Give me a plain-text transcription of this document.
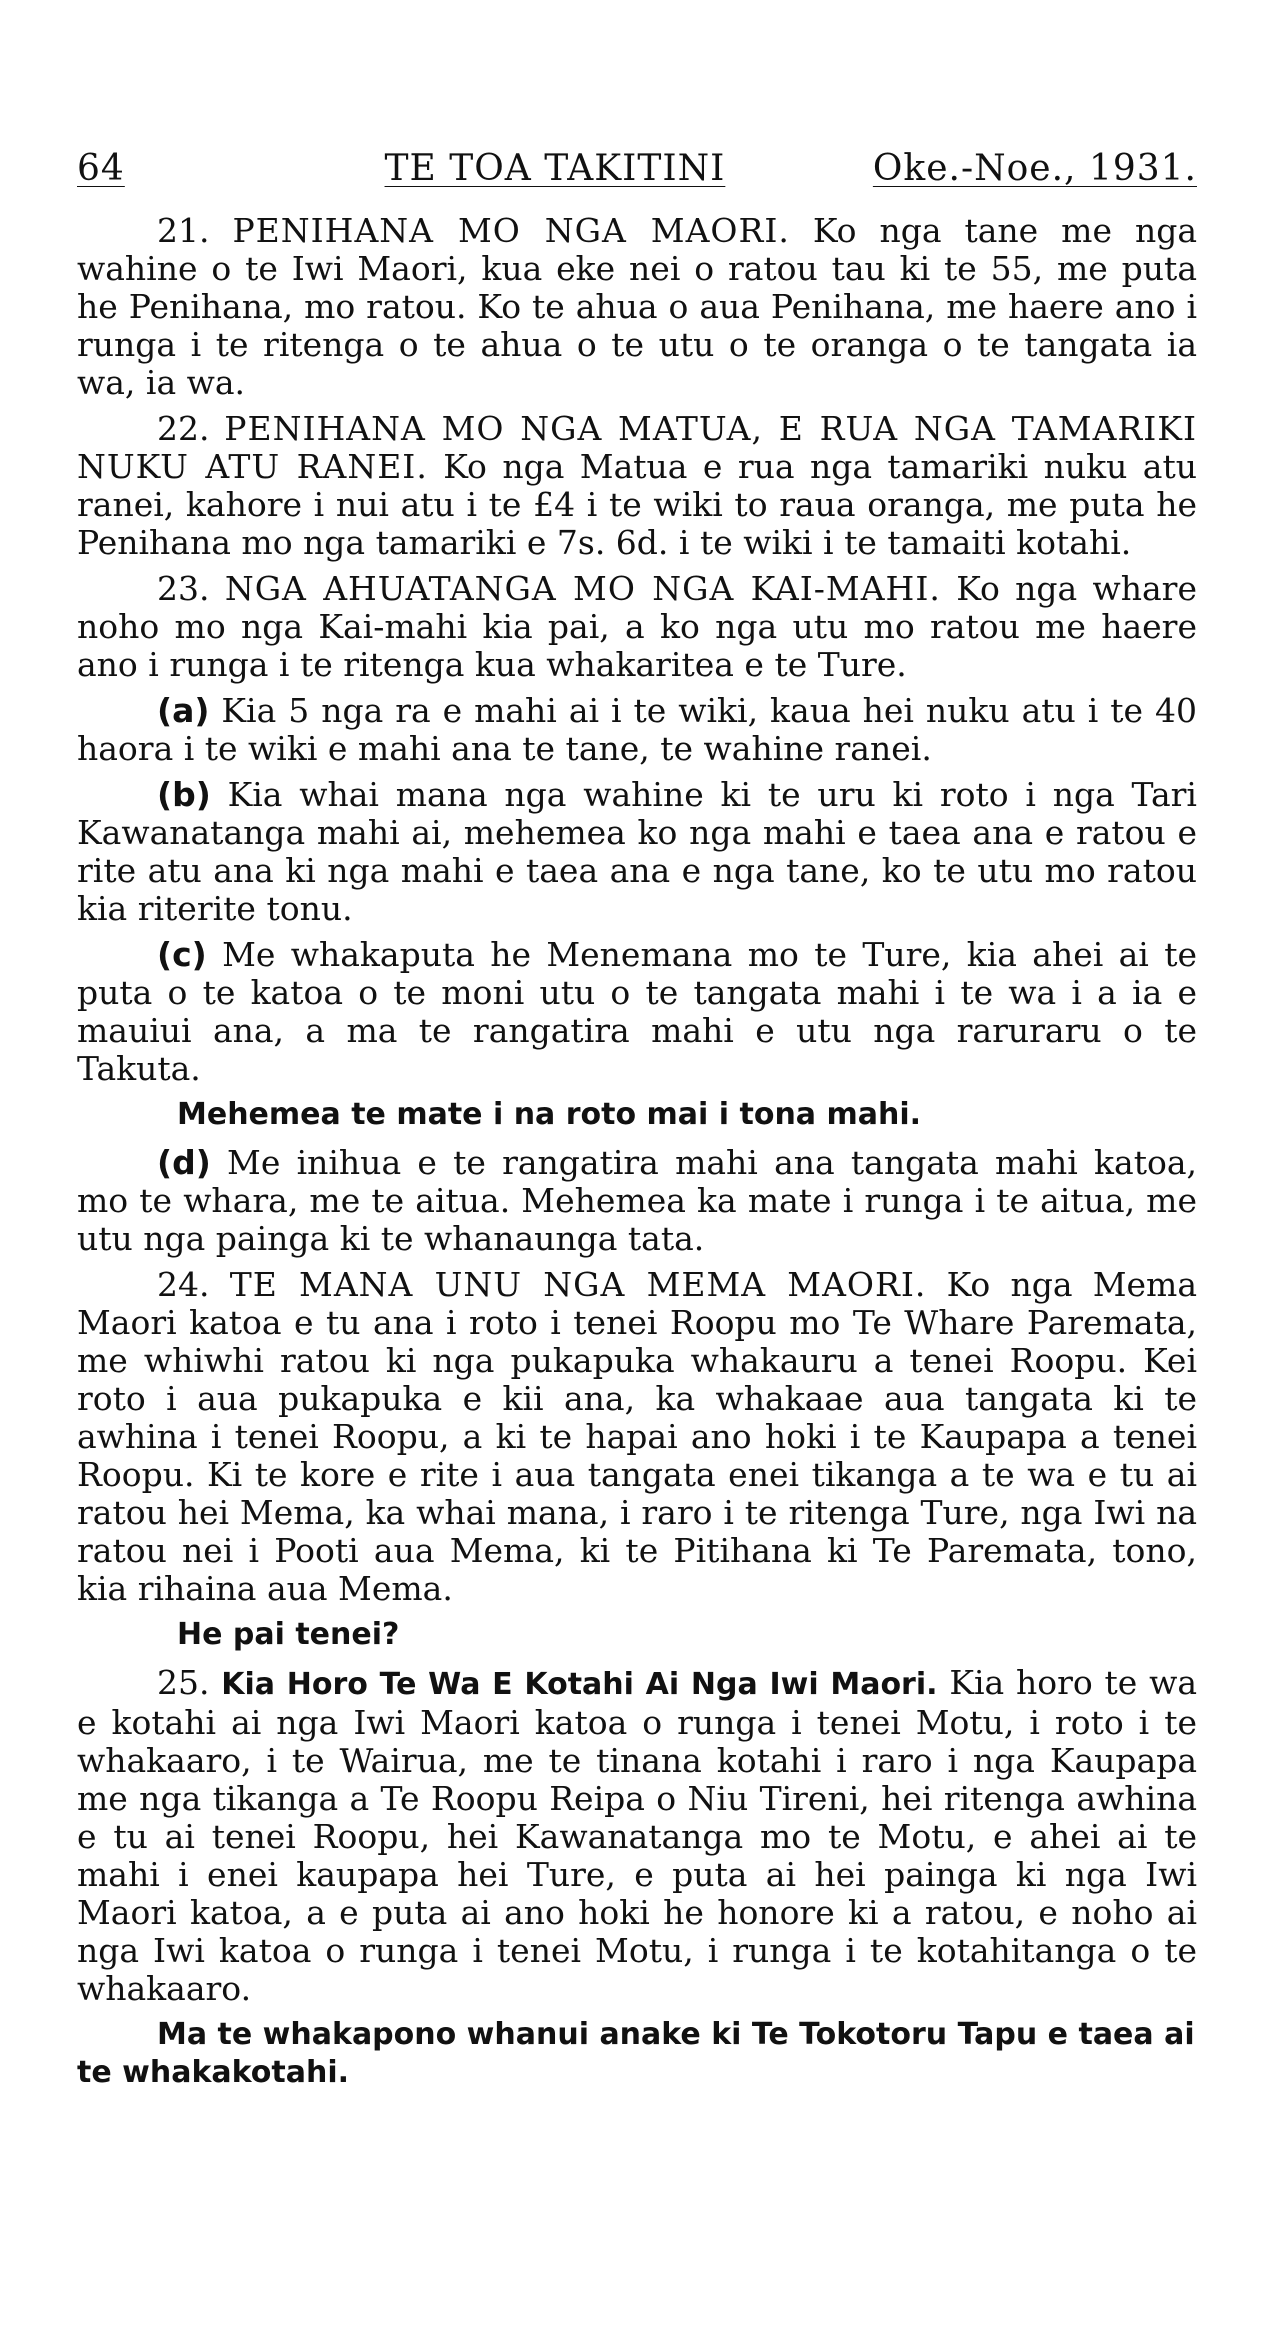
64	TE TOA TAKITINI	Oke.-Noe., 1931.

21. PENIHANA MO NGA MAORI. Ko nga tane me nga wahine o te Iwi Maori, kua eke nei o ratou tau ki te 55, me puta he Penihana, mo ratou. Ko te ahua o aua Penihana, me haere ano i runga i te ritenga o te ahua o te utu o te oranga o te tangata ia wa, ia wa.

22. PENIHANA MO NGA MATUA, E RUA NGA TAMARIKI NUKU ATU RANEI. Ko nga Matua e rua nga tamariki nuku atu ranei, kahore i nui atu i te £4 i te wiki to raua oranga, me puta he Penihana mo nga tamariki e 7s. 6d. i te wiki i te tamaiti kotahi.

23. NGA AHUATANGA MO NGA KAI-MAHI. Ko nga whare noho mo nga Kai-mahi kia pai, a ko nga utu mo ratou me haere ano i runga i te ritenga kua whakaritea e te Ture.

(a) Kia 5 nga ra e mahi ai i te wiki, kaua hei nuku atu i te 40 haora i te wiki e mahi ana te tane, te wahine ranei.

(b) Kia whai mana nga wahine ki te uru ki roto i nga Tari Kawanatanga mahi ai, mehemea ko nga mahi e taea ana e ratou e rite atu ana ki nga mahi e taea ana e nga tane, ko te utu mo ratou kia riterite tonu.

(c) Me whakaputa he Menemana mo te Ture, kia ahei ai te puta o te katoa o te moni utu o te tangata mahi i te wa i a ia e mauiui ana, a ma te rangatira mahi e utu nga raruraru o te Takuta.

Mehemea te mate i na roto mai i tona mahi.

(d) Me inihua e te rangatira mahi ana tangata mahi katoa, mo te whara, me te aitua. Mehemea ka mate i runga i te aitua, me utu nga painga ki te whanaunga tata.

24. TE MANA UNU NGA MEMA MAORI. Ko nga Mema Maori katoa e tu ana i roto i tenei Roopu mo Te Whare Paremata, me whiwhi ratou ki nga pukapuka whakauru a tenei Roopu. Kei roto i aua pukapuka e kii ana, ka whakaae aua tangata ki te awhina i tenei Roopu, a ki te hapai ano hoki i te Kaupapa a tenei Roopu. Ki te kore e rite i aua tangata enei tikanga a te wa e tu ai ratou hei Mema, ka whai mana, i raro i te ritenga Ture, nga Iwi na ratou nei i Pooti aua Mema, ki te Pitihana ki Te Paremata, tono, kia rihaina aua Mema.

He pai tenei?

25. Kia Horo Te Wa E Kotahi Ai Nga Iwi Maori. Kia horo te wa e kotahi ai nga Iwi Maori katoa o runga i tenei Motu, i roto i te whakaaro, i te Wairua, me te tinana kotahi i raro i nga Kaupapa me nga tikanga a Te Roopu Reipa o Niu Tireni, hei ritenga awhina e tu ai tenei Roopu, hei Kawanatanga mo te Motu, e ahei ai te mahi i enei kaupapa hei Ture, e puta ai hei painga ki nga Iwi Maori katoa, a e puta ai ano hoki he honore ki a ratou, e noho ai nga Iwi katoa o runga i tenei Motu, i runga i te kotahitanga o te whakaaro.

Ma te whakapono whanui anake ki Te Tokotoru Tapu e taea ai te whakakotahi.
